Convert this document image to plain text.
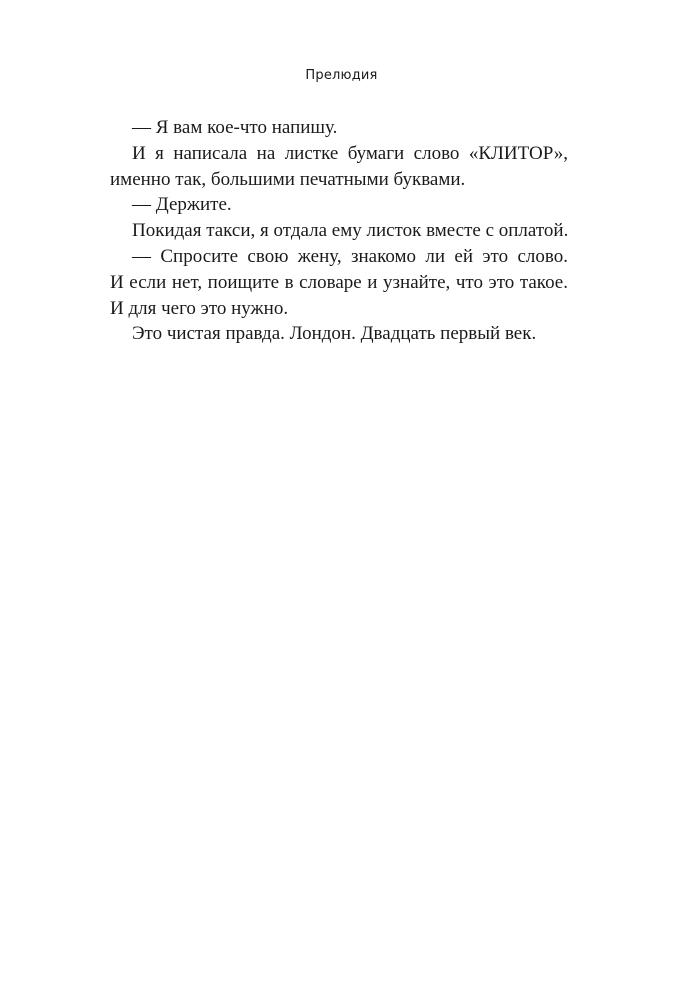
Прелюдия
— Я вам кое-что напишу.
И я написала на листке бумаги слово «КЛИТОР»,
именно так, большими печатными буквами.
— Держите.
Покидая такси, я отдала ему листок вместе с оплатой.
— Спросите свою жену, знакомо ли ей это слово.
И если нет, поищите в словаре и узнайте, что это такое.
И для чего это нужно.
Это чистая правда. Лондон. Двадцать первый век.
